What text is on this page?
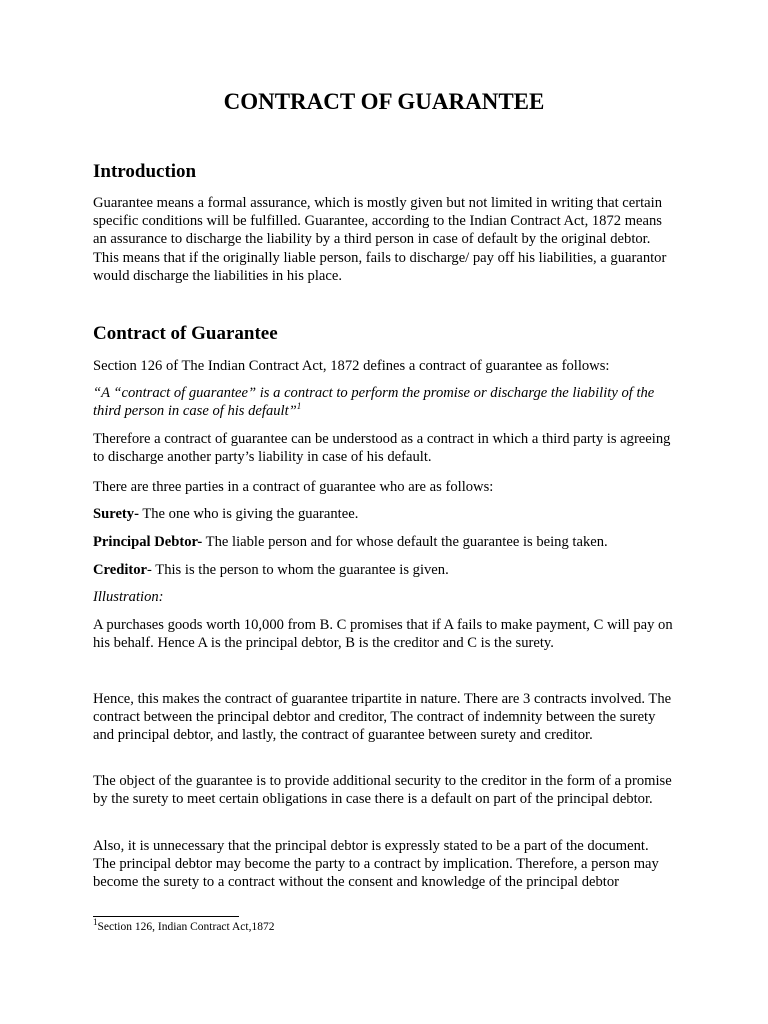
CONTRACT OF GUARANTEE
Introduction

Guarantee means a formal assurance, which is mostly given but not limited in writing that certain specific conditions will be fulfilled. Guarantee, according to the Indian Contract Act, 1872 means an assurance to discharge the liability by a third person in case of default by the original debtor. This means that if the originally liable person, fails to discharge/ pay off his liabilities, a guarantor would discharge the liabilities in his place.

Contract of Guarantee

Section 126 of The Indian Contract Act, 1872 defines a contract of guarantee as follows:

“A “contract of guarantee” is a contract to perform the promise or discharge the liability of the third person in case of his default”$^1$

Therefore a contract of guarantee can be understood as a contract in which a third party is agreeing to discharge another party’s liability in case of his default.

There are three parties in a contract of guarantee who are as follows:

Surety- The one who is giving the guarantee.

Principal Debtor- The liable person and for whose default the guarantee is being taken.

Creditor- This is the person to whom the guarantee is given.

Illustration:

A purchases goods worth 10,000 from B. C promises that if A fails to make payment, C will pay on his behalf. Hence A is the principal debtor, B is the creditor and C is the surety.

Hence, this makes the contract of guarantee tripartite in nature. There are 3 contracts involved. The contract between the principal debtor and creditor, The contract of indemnity between the surety and principal debtor, and lastly, the contract of guarantee between surety and creditor.

The object of the guarantee is to provide additional security to the creditor in the form of a promise by the surety to meet certain obligations in case there is a default on part of the principal debtor.

Also, it is unnecessary that the principal debtor is expressly stated to be a part of the document. The principal debtor may become the party to a contract by implication. Therefore, a person may become the surety to a contract without the consent and knowledge of the principal debtor

$^1$Section 126, Indian Contract Act,1872
